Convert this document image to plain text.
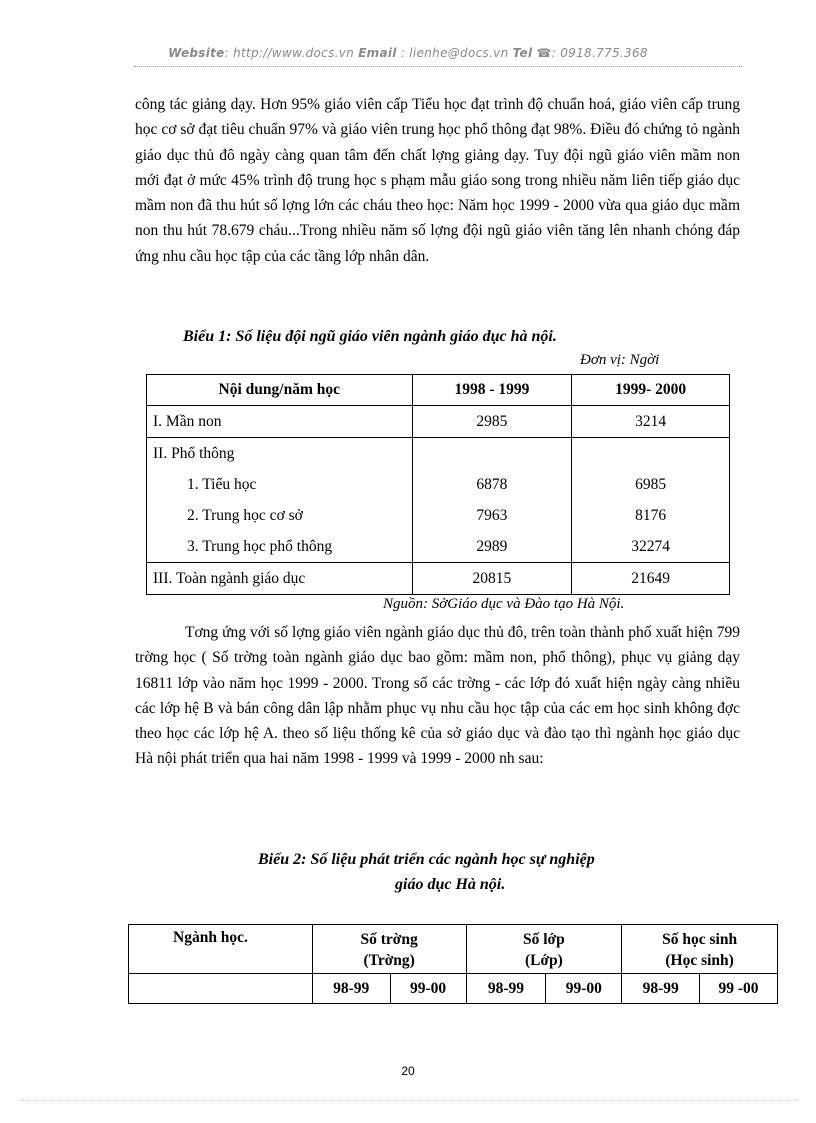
Website: http://www.docs.vn Email : lienhe@docs.vn Tel ☎: 0918.775.368

công tác giảng dạy. Hơn 95% giáo viên cấp Tiểu học đạt trình độ chuẩn hoá, giáo viên cấp trung học cơ sở đạt tiêu chuẩn 97% và giáo viên trung học phổ thông đạt 98%. Điều đó chứng tỏ ngành giáo dục thủ đô ngày càng quan tâm đến chất lợng giảng dạy. Tuy đội ngũ giáo viên mầm non mới đạt ở mức 45% trình độ trung học s phạm mẫu giáo song trong nhiều năm liên tiếp giáo dục mầm non đã thu hút số lợng lớn các cháu theo học: Năm học 1999 - 2000 vừa qua giáo dục mầm non thu hút 78.679 cháu...Trong nhiều năm số lợng đội ngũ giáo viên tăng lên nhanh chóng đáp ứng nhu cầu học tập của các tầng lớp nhân dân.

Biểu 1: Số liệu đội ngũ giáo viên ngành giáo dục hà nội.
Đơn vị: Ngời
Nội dung/năm học	1998 - 1999	1999- 2000
I. Mần non	2985	3214
II. Phổ thông		
1. Tiểu học	6878	6985
2. Trung học cơ sở	7963	8176
3. Trung học phổ thông	2989	32274
III. Toàn ngành giáo dục	20815	21649
Nguồn: SởGiáo dục và Đào tạo Hà Nội.

Tơng ứng với số lợng giáo viên ngành giáo dục thủ đô, trên toàn thành phố xuất hiện 799 trờng học ( Số trờng toàn ngành giáo dục bao gồm: mầm non, phổ thông), phục vụ giảng dạy 16811 lớp vào năm học 1999 - 2000. Trong số các trờng - các lớp đó xuất hiện ngày càng nhiều các lớp hệ B và bán công dân lập nhằm phục vụ nhu cầu học tập của các em học sinh không đợc theo học các lớp hệ A. theo số liệu thống kê của sở giáo dục và đào tạo thì ngành học giáo dục Hà nội phát triển qua hai năm 1998 - 1999 và 1999 - 2000 nh sau:

Biểu 2: Số liệu phát triển các ngành học sự nghiệp
giáo dục Hà nội.
Ngành học.	Số trờng		Số lớp		Số học sinh	
	(Trờng)		(Lớp)		(Học sinh)	
	98-99	99-00	98-99	99-00	98-99	99 -00
20
